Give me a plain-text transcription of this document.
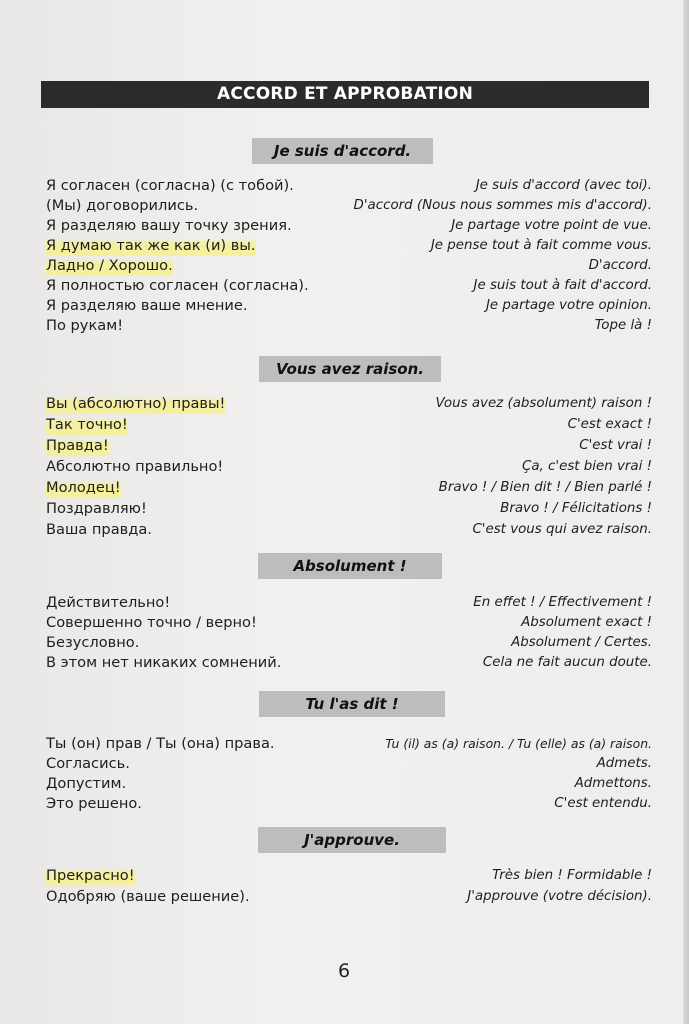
ACCORD ET APPROBATION
Je suis d'accord.
Я согласен (согласна) (с тобой).	Je suis d'accord (avec toi).
(Мы) договорились.	D'accord (Nous nous sommes mis d'accord).
Я разделяю вашу точку зрения.	Je partage votre point de vue.
Я думаю так же как (и) вы.	Je pense tout à fait comme vous.
Ладно / Хорошо.	D'accord.
Я полностью согласен (согласна).	Je suis tout à fait d'accord.
Я разделяю ваше мнение.	Je partage votre opinion.
По рукам!	Tope là !
Vous avez raison.
Вы (абсолютно) правы!	Vous avez (absolument) raison !
Так точно!	C'est exact !
Правда!	C'est vrai !
Абсолютно правильно!	Ça, c'est bien vrai !
Молодец!	Bravo ! / Bien dit ! / Bien parlé !
Поздравляю!	Bravo ! / Félicitations !
Ваша правда.	C'est vous qui avez raison.
Absolument !
Действительно!	En effet ! / Effectivement !
Совершенно точно / верно!	Absolument exact !
Безусловно.	Absolument / Certes.
В этом нет никаких сомнений.	Cela ne fait aucun doute.
Tu l'as dit !
Ты (он) прав / Ты (она) права.	Tu (il) as (a) raison. / Tu (elle) as (a) raison.
Согласись.	Admets.
Допустим.	Admettons.
Это решено.	C'est entendu.
J'approuve.
Прекрасно!	Très bien ! Formidable !
Одобряю (ваше решение).	J'approuve (votre décision).
6
